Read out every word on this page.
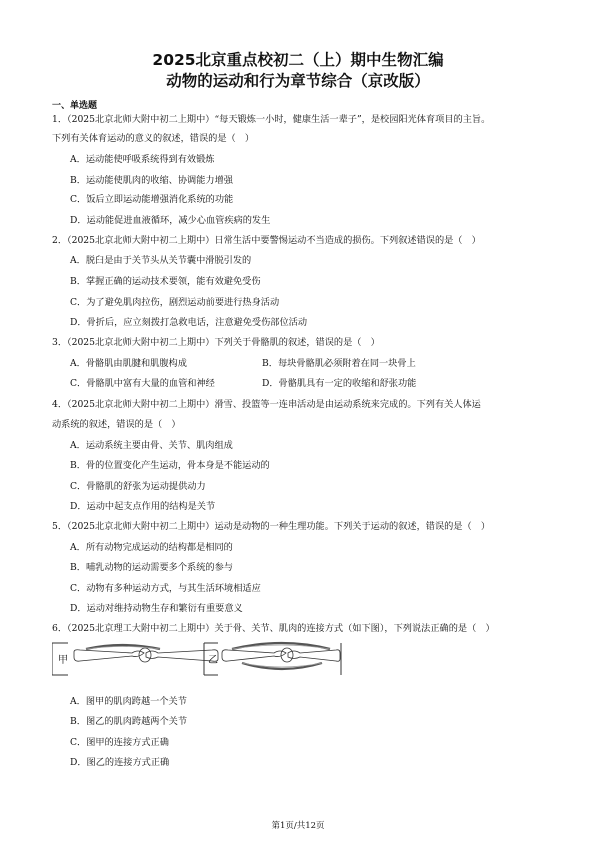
2025北京重点校初二（上）期中生物汇编
动物的运动和行为章节综合（京改版）
一、单选题
1．（2025北京北师大附中初二上期中）“每天锻炼一小时，健康生活一辈子”，是校园阳光体育项目的主旨。
下列有关体育运动的意义的叙述，错误的是（　）
A．运动能使呼吸系统得到有效锻炼
B．运动能使肌肉的收缩、协调能力增强
C．饭后立即运动能增强消化系统的功能
D．运动能促进血液循环，减少心血管疾病的发生
2．（2025北京北师大附中初二上期中）日常生活中要警惕运动不当造成的损伤。下列叙述错误的是（　）
A．脱臼是由于关节头从关节囊中滑脱引发的
B．掌握正确的运动技术要领，能有效避免受伤
C．为了避免肌肉拉伤，剧烈运动前要进行热身活动
D．骨折后，应立刻拨打急救电话，注意避免受伤部位活动
3．（2025北京北师大附中初二上期中）下列关于骨骼肌的叙述，错误的是（　）
A．骨骼肌由肌腱和肌腹构成	B．每块骨骼肌必须附着在同一块骨上
C．骨骼肌中富有大量的血管和神经	D．骨骼肌具有一定的收缩和舒张功能
4．（2025北京北师大附中初二上期中）滑雪、投篮等一连串活动是由运动系统来完成的。下列有关人体运
动系统的叙述，错误的是（　）
A．运动系统主要由骨、关节、肌肉组成
B．骨的位置变化产生运动，骨本身是不能运动的
C．骨骼肌的舒张为运动提供动力
D．运动中起支点作用的结构是关节
5．（2025北京北师大附中初二上期中）运动是动物的一种生理功能。下列关于运动的叙述，错误的是（　）
A．所有动物完成运动的结构都是相同的
B．哺乳动物的运动需要多个系统的参与
C．动物有多种运动方式，与其生活环境相适应
D．运动对维持动物生存和繁衍有重要意义
6．（2025北京理工大附中初二上期中）关于骨、关节、肌肉的连接方式（如下图），下列说法正确的是（　）
甲	乙
A．图甲的肌肉跨越一个关节
B．图乙的肌肉跨越两个关节
C．图甲的连接方式正确
D．图乙的连接方式正确
第1页/共12页
